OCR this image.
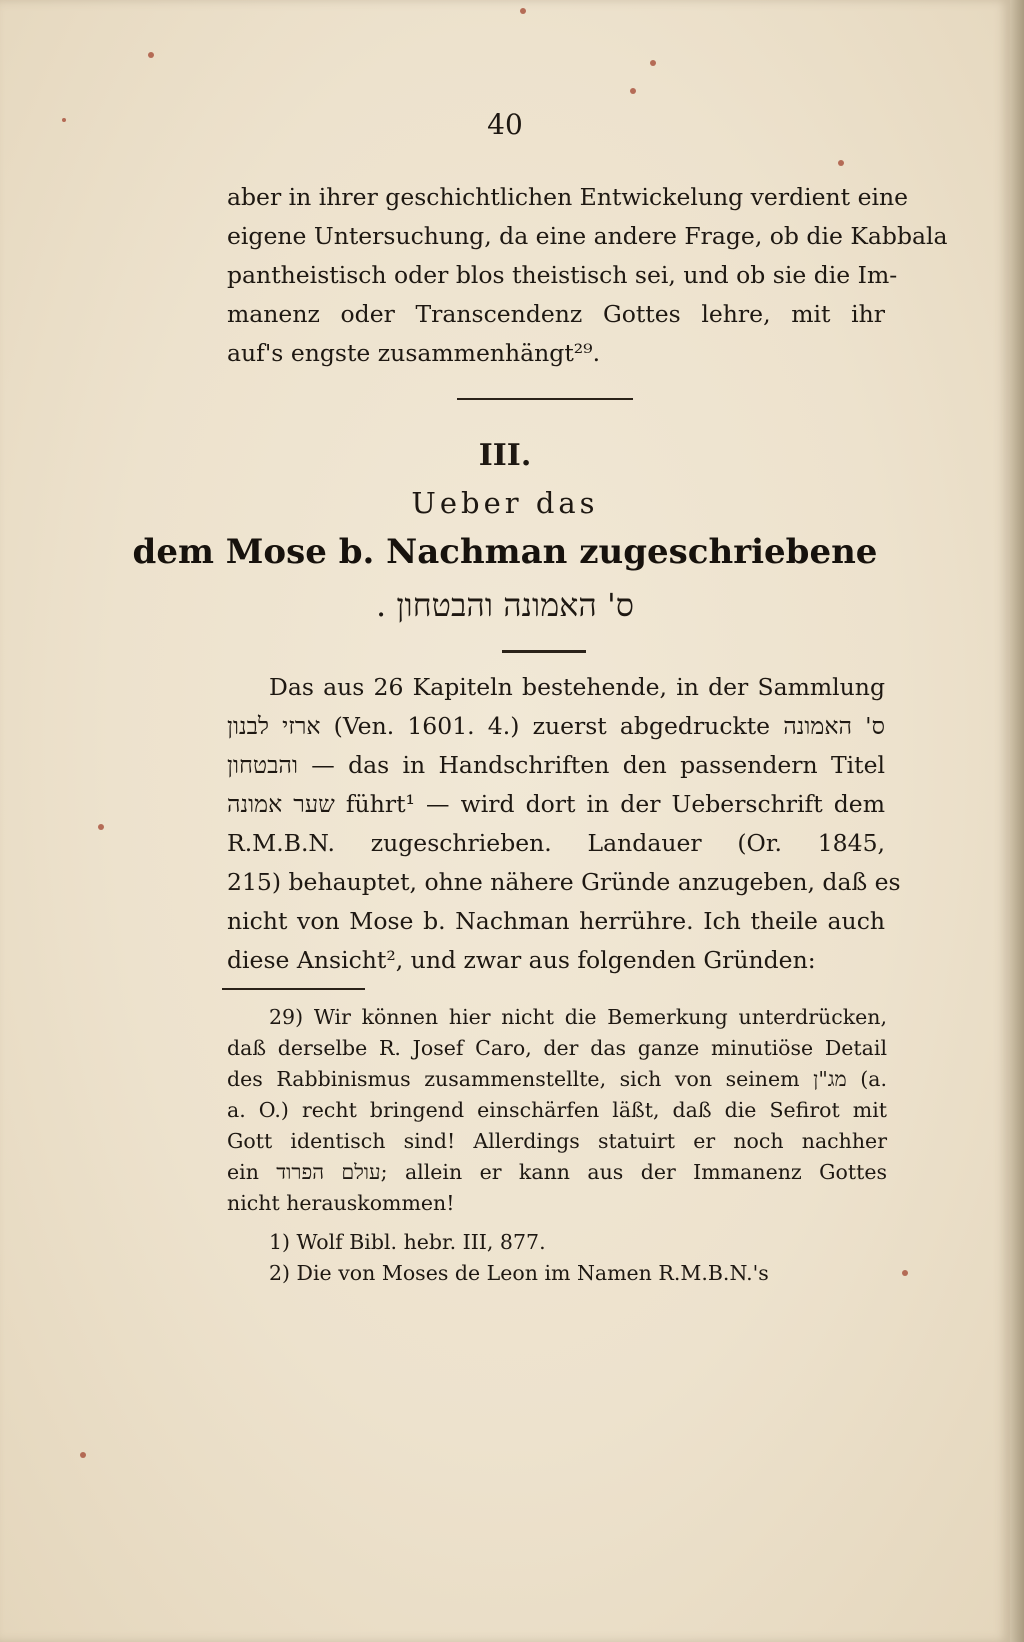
40
aber in ihrer geschichtlichen Entwickelung verdient eine
eigene Untersuchung, da eine andere Frage, ob die Kabbala
pantheistisch oder blos theistisch sei, und ob sie die Im-
manenz oder Transcendenz Gottes lehre, mit ihr
auf's engste zusammenhängt²⁹.
III.
Ueber das
dem Mose b. Nachman zugeschriebene
. ס' האמונה והבטחון
Das aus 26 Kapiteln bestehende, in der Sammlung
ארזי לבנון (Ven. 1601. 4.) zuerst abgedruckte ס' האמונה
והבטחון — das in Handschriften den passendern Titel
שער אמונה führt¹ — wird dort in der Ueberschrift dem
R.M.B.N. zugeschrieben. Landauer (Or. 1845,
215) behauptet, ohne nähere Gründe anzugeben, daß es
nicht von Mose b. Nachman herrühre. Ich theile auch
diese Ansicht², und zwar aus folgenden Gründen:
29) Wir können hier nicht die Bemerkung unterdrücken,
daß derselbe R. Josef Caro, der das ganze minutiöse Detail
des Rabbinismus zusammenstellte, sich von seinem מג"ן (a.
a. O.) recht bringend einschärfen läßt, daß die Sefirot mit
Gott identisch sind! Allerdings statuirt er noch nachher
ein עולם הפרוד; allein er kann aus der Immanenz Gottes
nicht herauskommen!
1) Wolf Bibl. hebr. III, 877.
2) Die von Moses de Leon im Namen R.M.B.N.'s
